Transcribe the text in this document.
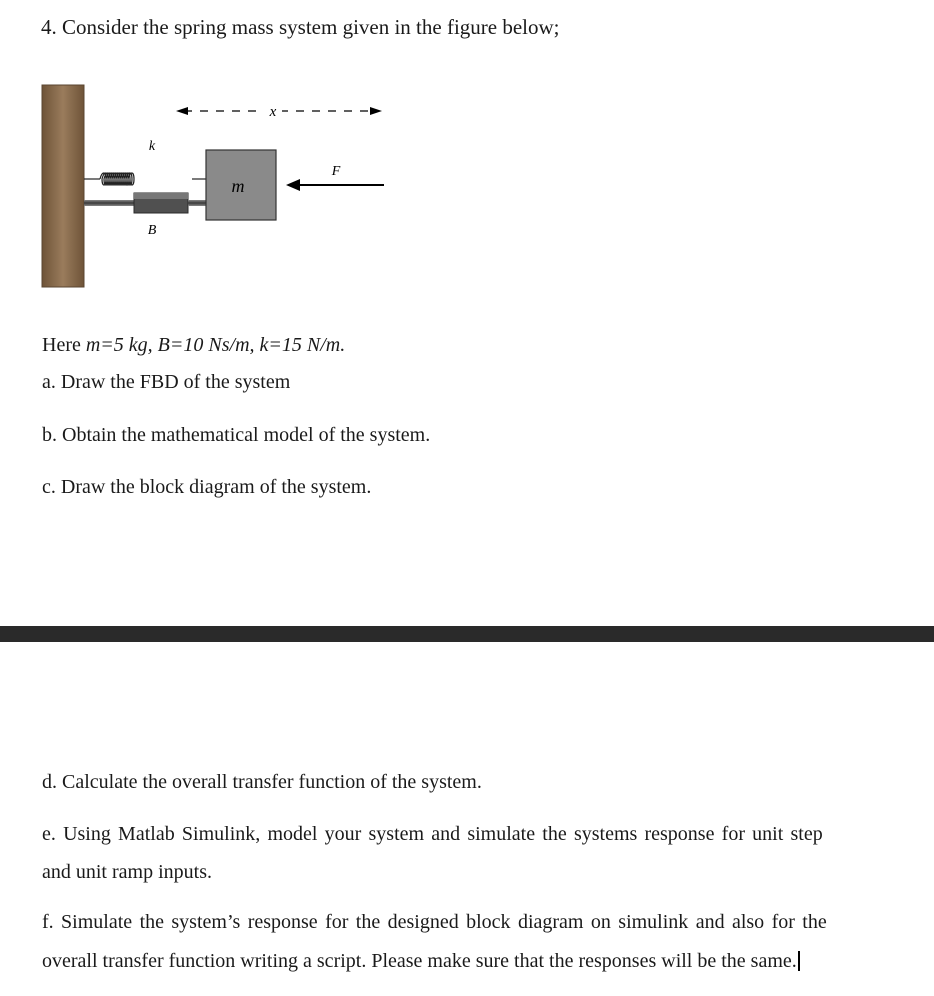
4. Consider the spring mass system given in the figure below;
x
k
B
m
F
Here m=5 kg, B=10 Ns/m, k=15 N/m.
a. Draw the FBD of the system
b. Obtain the mathematical model of the system.
c. Draw the block diagram of the system.
d. Calculate the overall transfer function of the system.
e. Using Matlab Simulink, model your system and simulate the systems response for unit step
and unit ramp inputs.
f. Simulate the system’s response for the designed block diagram on simulink and also for the
overall transfer function writing a script. Please make sure that the responses will be the same.
